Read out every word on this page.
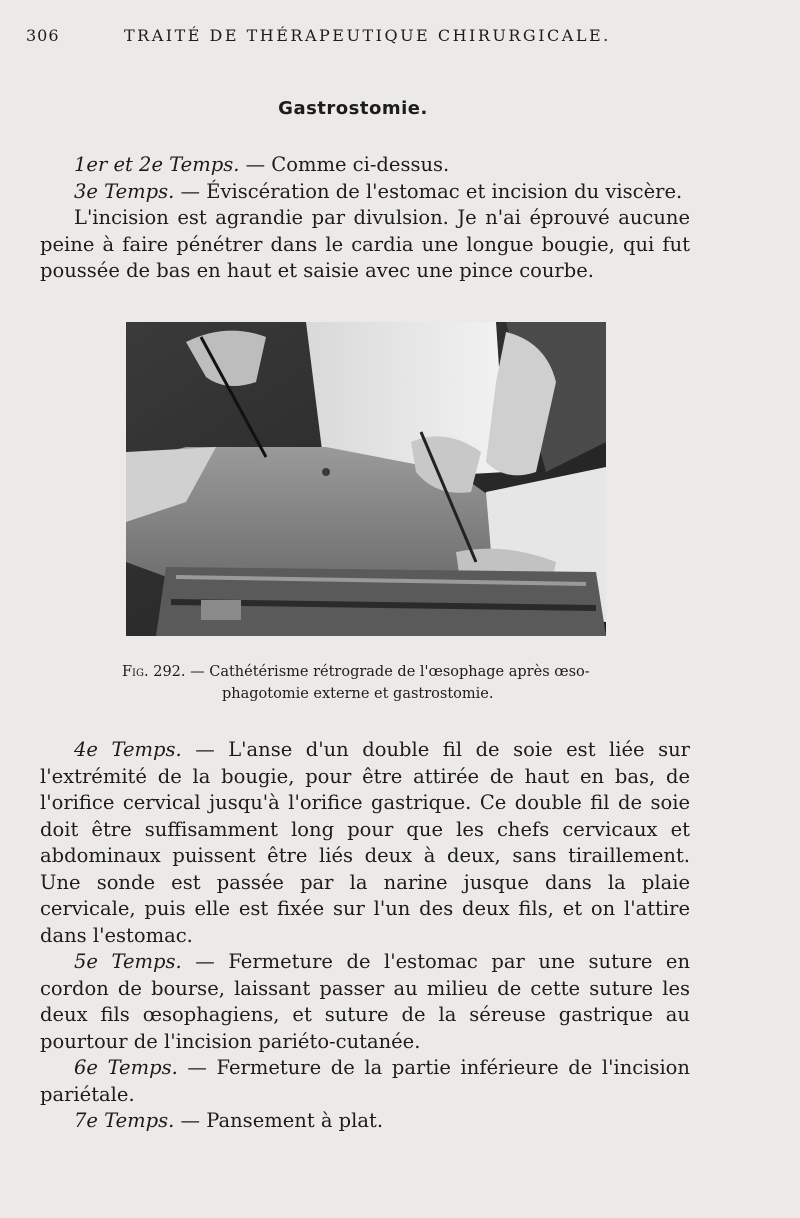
306	TRAITÉ DE THÉRAPEUTIQUE CHIRURGICALE.
Gastrostomie.

1er et 2e Temps. — Comme ci-dessus.

3e Temps. — Éviscération de l'estomac et incision du viscère.

L'incision est agrandie par divulsion. Je n'ai éprouvé aucune peine à faire pénétrer dans le cardia une longue bougie, qui fut poussée de bas en haut et saisie avec une pince courbe.

Fig. 292. — Cathétérisme rétrograde de l'œsophage après œso-
phagotomie externe et gastrostomie.

4e Temps. — L'anse d'un double fil de soie est liée sur l'extrémité de la bougie, pour être attirée de haut en bas, de l'orifice cervical jusqu'à l'orifice gastrique. Ce double fil de soie doit être suffisamment long pour que les chefs cervicaux et abdominaux puissent être liés deux à deux, sans tiraillement. Une sonde est passée par la narine jusque dans la plaie cervicale, puis elle est fixée sur l'un des deux fils, et on l'attire dans l'estomac.

5e Temps. — Fermeture de l'estomac par une suture en cordon de bourse, laissant passer au milieu de cette suture les deux fils œsophagiens, et suture de la séreuse gastrique au pourtour de l'incision pariéto-cutanée.

6e Temps. — Fermeture de la partie inférieure de l'incision pariétale.

7e Temps. — Pansement à plat.
